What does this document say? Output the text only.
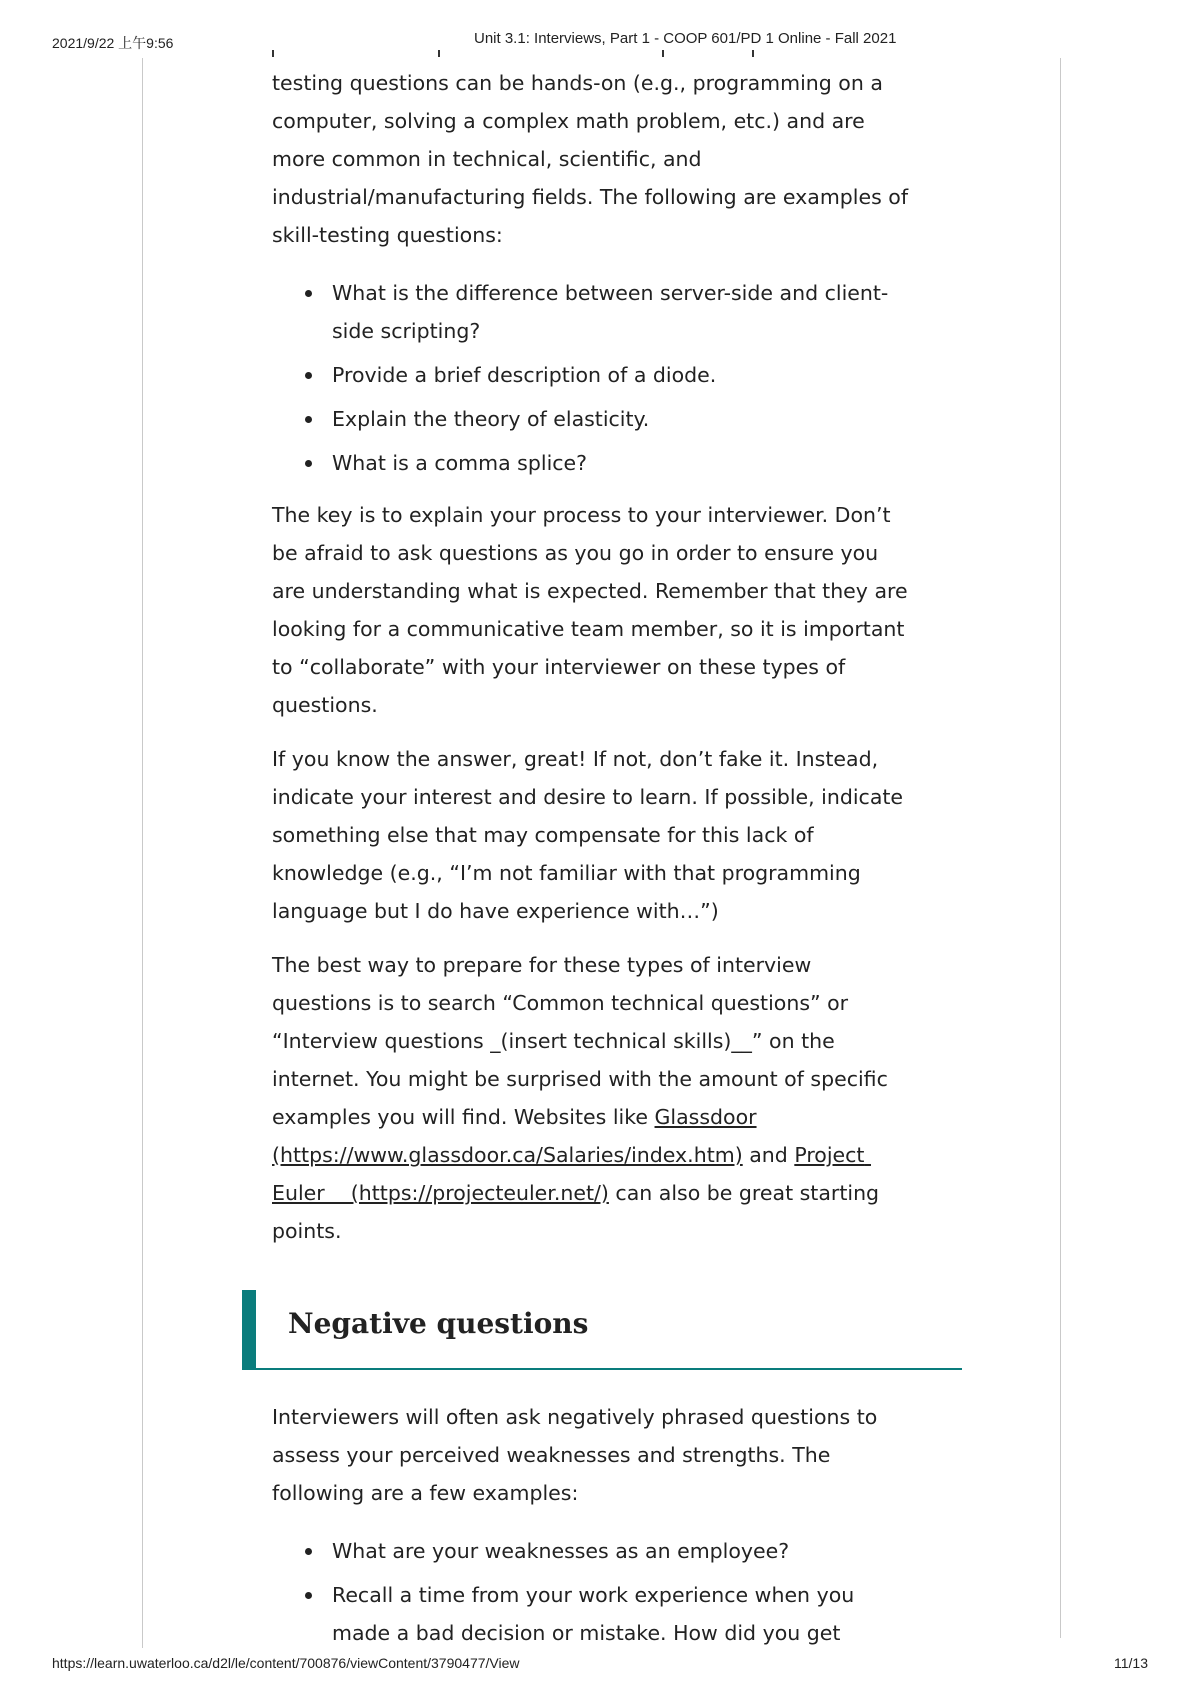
2021/9/22 上午9:56	Unit 3.1: Interviews, Part 1 - COOP 601/PD 1 Online - Fall 2021

testing questions can be hands-on (e.g., programming on a computer, solving a complex math problem, etc.) and are more common in technical, scientific, and industrial/manufacturing fields. The following are examples of skill-testing questions:

What is the difference between server-side and client-side scripting?
Provide a brief description of a diode.
Explain the theory of elasticity.
What is a comma splice?

The key is to explain your process to your interviewer. Don’t be afraid to ask questions as you go in order to ensure you are understanding what is expected. Remember that they are looking for a communicative team member, so it is important to “collaborate” with your interviewer on these types of questions.

If you know the answer, great! If not, don’t fake it. Instead, indicate your interest and desire to learn. If possible, indicate something else that may compensate for this lack of knowledge (e.g., “I’m not familiar with that programming language but I do have experience with…”)

The best way to prepare for these types of interview questions is to search “Common technical questions” or “Interview questions _(insert technical skills)__” on the internet. You might be surprised with the amount of specific examples you will find. Websites like Glassdoor (https://www.glassdoor.ca/Salaries/index.htm) and Project Euler    (https://projecteuler.net/) can also be great starting points.

Negative questions

Interviewers will often ask negatively phrased questions to assess your perceived weaknesses and strengths. The following are a few examples:

What are your weaknesses as an employee?
Recall a time from your work experience when you made a bad decision or mistake. How did you get
https://learn.uwaterloo.ca/d2l/le/content/700876/viewContent/3790477/View	11/13
